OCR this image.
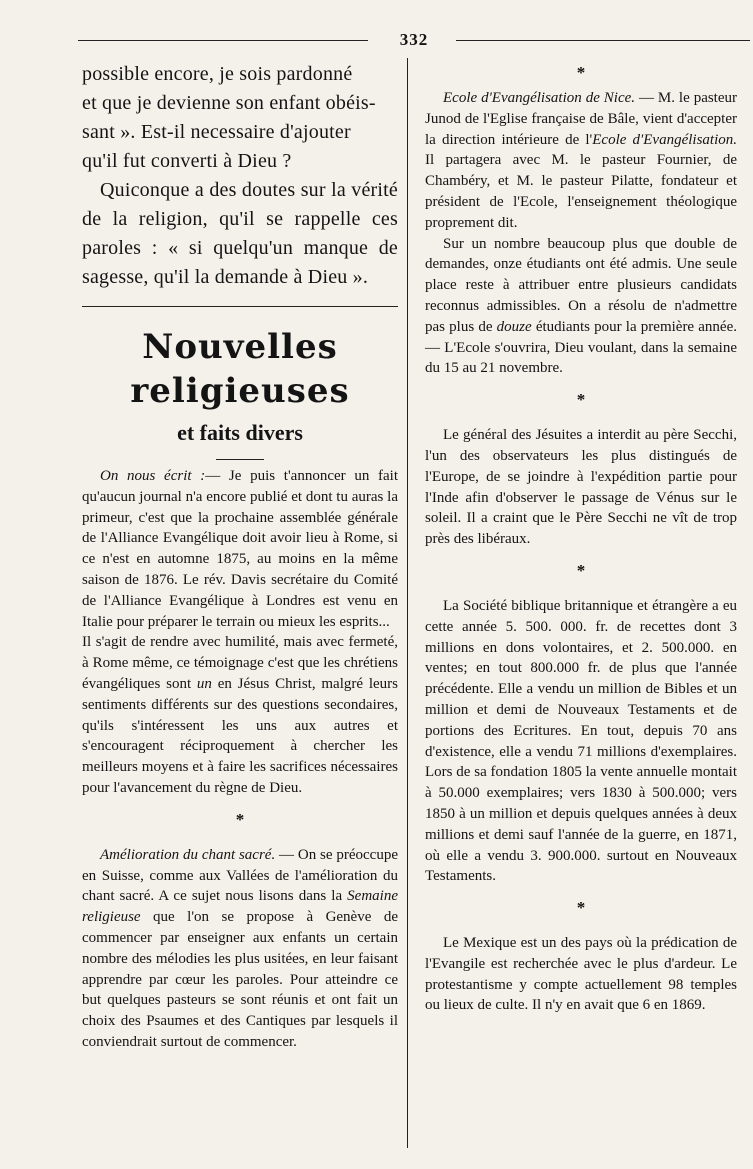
332

possible encore, je sois pardonné

et que je devienne son enfant obéis-

sant ». Est-il necessaire d'ajouter

qu'il fut converti à Dieu ?

Quiconque a des doutes sur la vérité de la religion, qu'il se rappelle ces paroles : « si quelqu'un manque de sagesse, qu'il la demande à Dieu ».

Nouvelles religieuses
et faits divers

On nous écrit :— Je puis t'annoncer un fait qu'aucun journal n'a encore publié et dont tu auras la primeur, c'est que la prochaine assemblée générale de l'Alliance Evangélique doit avoir lieu à Rome, si ce n'est en automne 1875, au moins en la même saison de 1876. Le rév. Davis secrétaire du Comité de l'Alliance Evangélique à Londres est venu en Italie pour préparer le terrain ou mieux les esprits...

Il s'agit de rendre avec humilité, mais avec fermeté, à Rome même, ce témoignage c'est que les chrétiens évangéliques sont un en Jésus Christ, malgré leurs sentiments différents sur des questions secondaires, qu'ils s'intéressent les uns aux autres et s'encouragent réciproquement à chercher les meilleurs moyens et à faire les sacrifices nécessaires pour l'avancement du règne de Dieu.

*

Amélioration du chant sacré. — On se préoccupe en Suisse, comme aux Vallées de l'amélioration du chant sacré. A ce sujet nous lisons dans la Semaine religieuse que l'on se propose à Genève de commencer par enseigner aux enfants un certain nombre des mélodies les plus usitées, en leur faisant apprendre par cœur les paroles. Pour atteindre ce but quelques pasteurs se sont réunis et ont fait un choix des Psaumes et des Cantiques par lesquels il conviendrait surtout de commencer.

*

Ecole d'Evangélisation de Nice. — M. le pasteur Junod de l'Eglise française de Bâle, vient d'accepter la direction intérieure de l'Ecole d'Evangélisation. Il partagera avec M. le pasteur Fournier, de Chambéry, et M. le pasteur Pilatte, fondateur et président de l'Ecole, l'enseignement théologique proprement dit.

Sur un nombre beaucoup plus que double de demandes, onze étudiants ont été admis. Une seule place reste à attribuer entre plusieurs candidats reconnus admissibles. On a résolu de n'admettre pas plus de douze étudiants pour la première année. — L'Ecole s'ouvrira, Dieu voulant, dans la semaine du 15 au 21 novembre.

*

Le général des Jésuites a interdit au père Secchi, l'un des observateurs les plus distingués de l'Europe, de se joindre à l'expédition partie pour l'Inde afin d'observer le passage de Vénus sur le soleil. Il a craint que le Père Secchi ne vît de trop près des libéraux.

*

La Société biblique britannique et étrangère a eu cette année 5. 500. 000. fr. de recettes dont 3 millions en dons volontaires, et 2. 500.000. en ventes; en tout 800.000 fr. de plus que l'année précédente. Elle a vendu un million de Bibles et un million et demi de Nouveaux Testaments et de portions des Ecritures. En tout, depuis 70 ans d'existence, elle a vendu 71 millions d'exemplaires. Lors de sa fondation 1805 la vente annuelle montait à 50.000 exemplaires; vers 1830 à 500.000; vers 1850 à un million et depuis quelques années à deux millions et demi sauf l'année de la guerre, en 1871, où elle a vendu 3. 900.000. surtout en Nouveaux Testaments.

*

Le Mexique est un des pays où la prédication de l'Evangile est recherchée avec le plus d'ardeur. Le protestantisme y compte actuellement 98 temples ou lieux de culte. Il n'y en avait que 6 en 1869.
